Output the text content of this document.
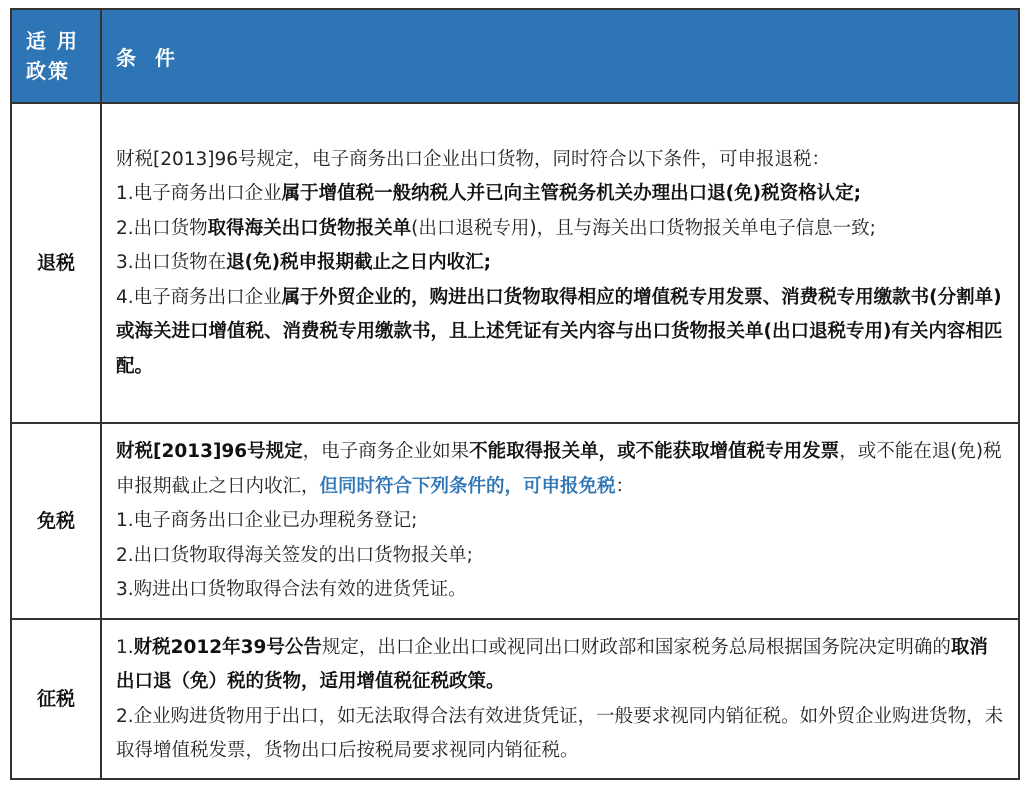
适 用
政策	条 件
退税	财税[2013]96号规定，电子商务出口企业出口货物，同时符合以下条件，可申报退税：
1.电子商务出口企业属于增值税一般纳税人并已向主管税务机关办理出口退(免)税资格认定;
2.出口货物取得海关出口货物报关单(出口退税专用)，且与海关出口货物报关单电子信息一致;
3.出口货物在退(免)税申报期截止之日内收汇;
4.电子商务出口企业属于外贸企业的，购进出口货物取得相应的增值税专用发票、消费税专用缴款书(分割单)或海关进口增值税、消费税专用缴款书，且上述凭证有关内容与出口货物报关单(出口退税专用)有关内容相匹配。

免税	财税[2013]96号规定，电子商务企业如果不能取得报关单，或不能获取增值税专用发票，或不能在退(免)税申报期截止之日内收汇，但同时符合下列条件的，可申报免税：
1.电子商务出口企业已办理税务登记;
2.出口货物取得海关签发的出口货物报关单;
3.购进出口货物取得合法有效的进货凭证。

征税	1.财税2012年39号公告规定，出口企业出口或视同出口财政部和国家税务总局根据国务院决定明确的取消出口退（免）税的货物，适用增值税征税政策。
2.企业购进货物用于出口，如无法取得合法有效进货凭证，一般要求视同内销征税。如外贸企业购进货物，未取得增值税发票，货物出口后按税局要求视同内销征税。
